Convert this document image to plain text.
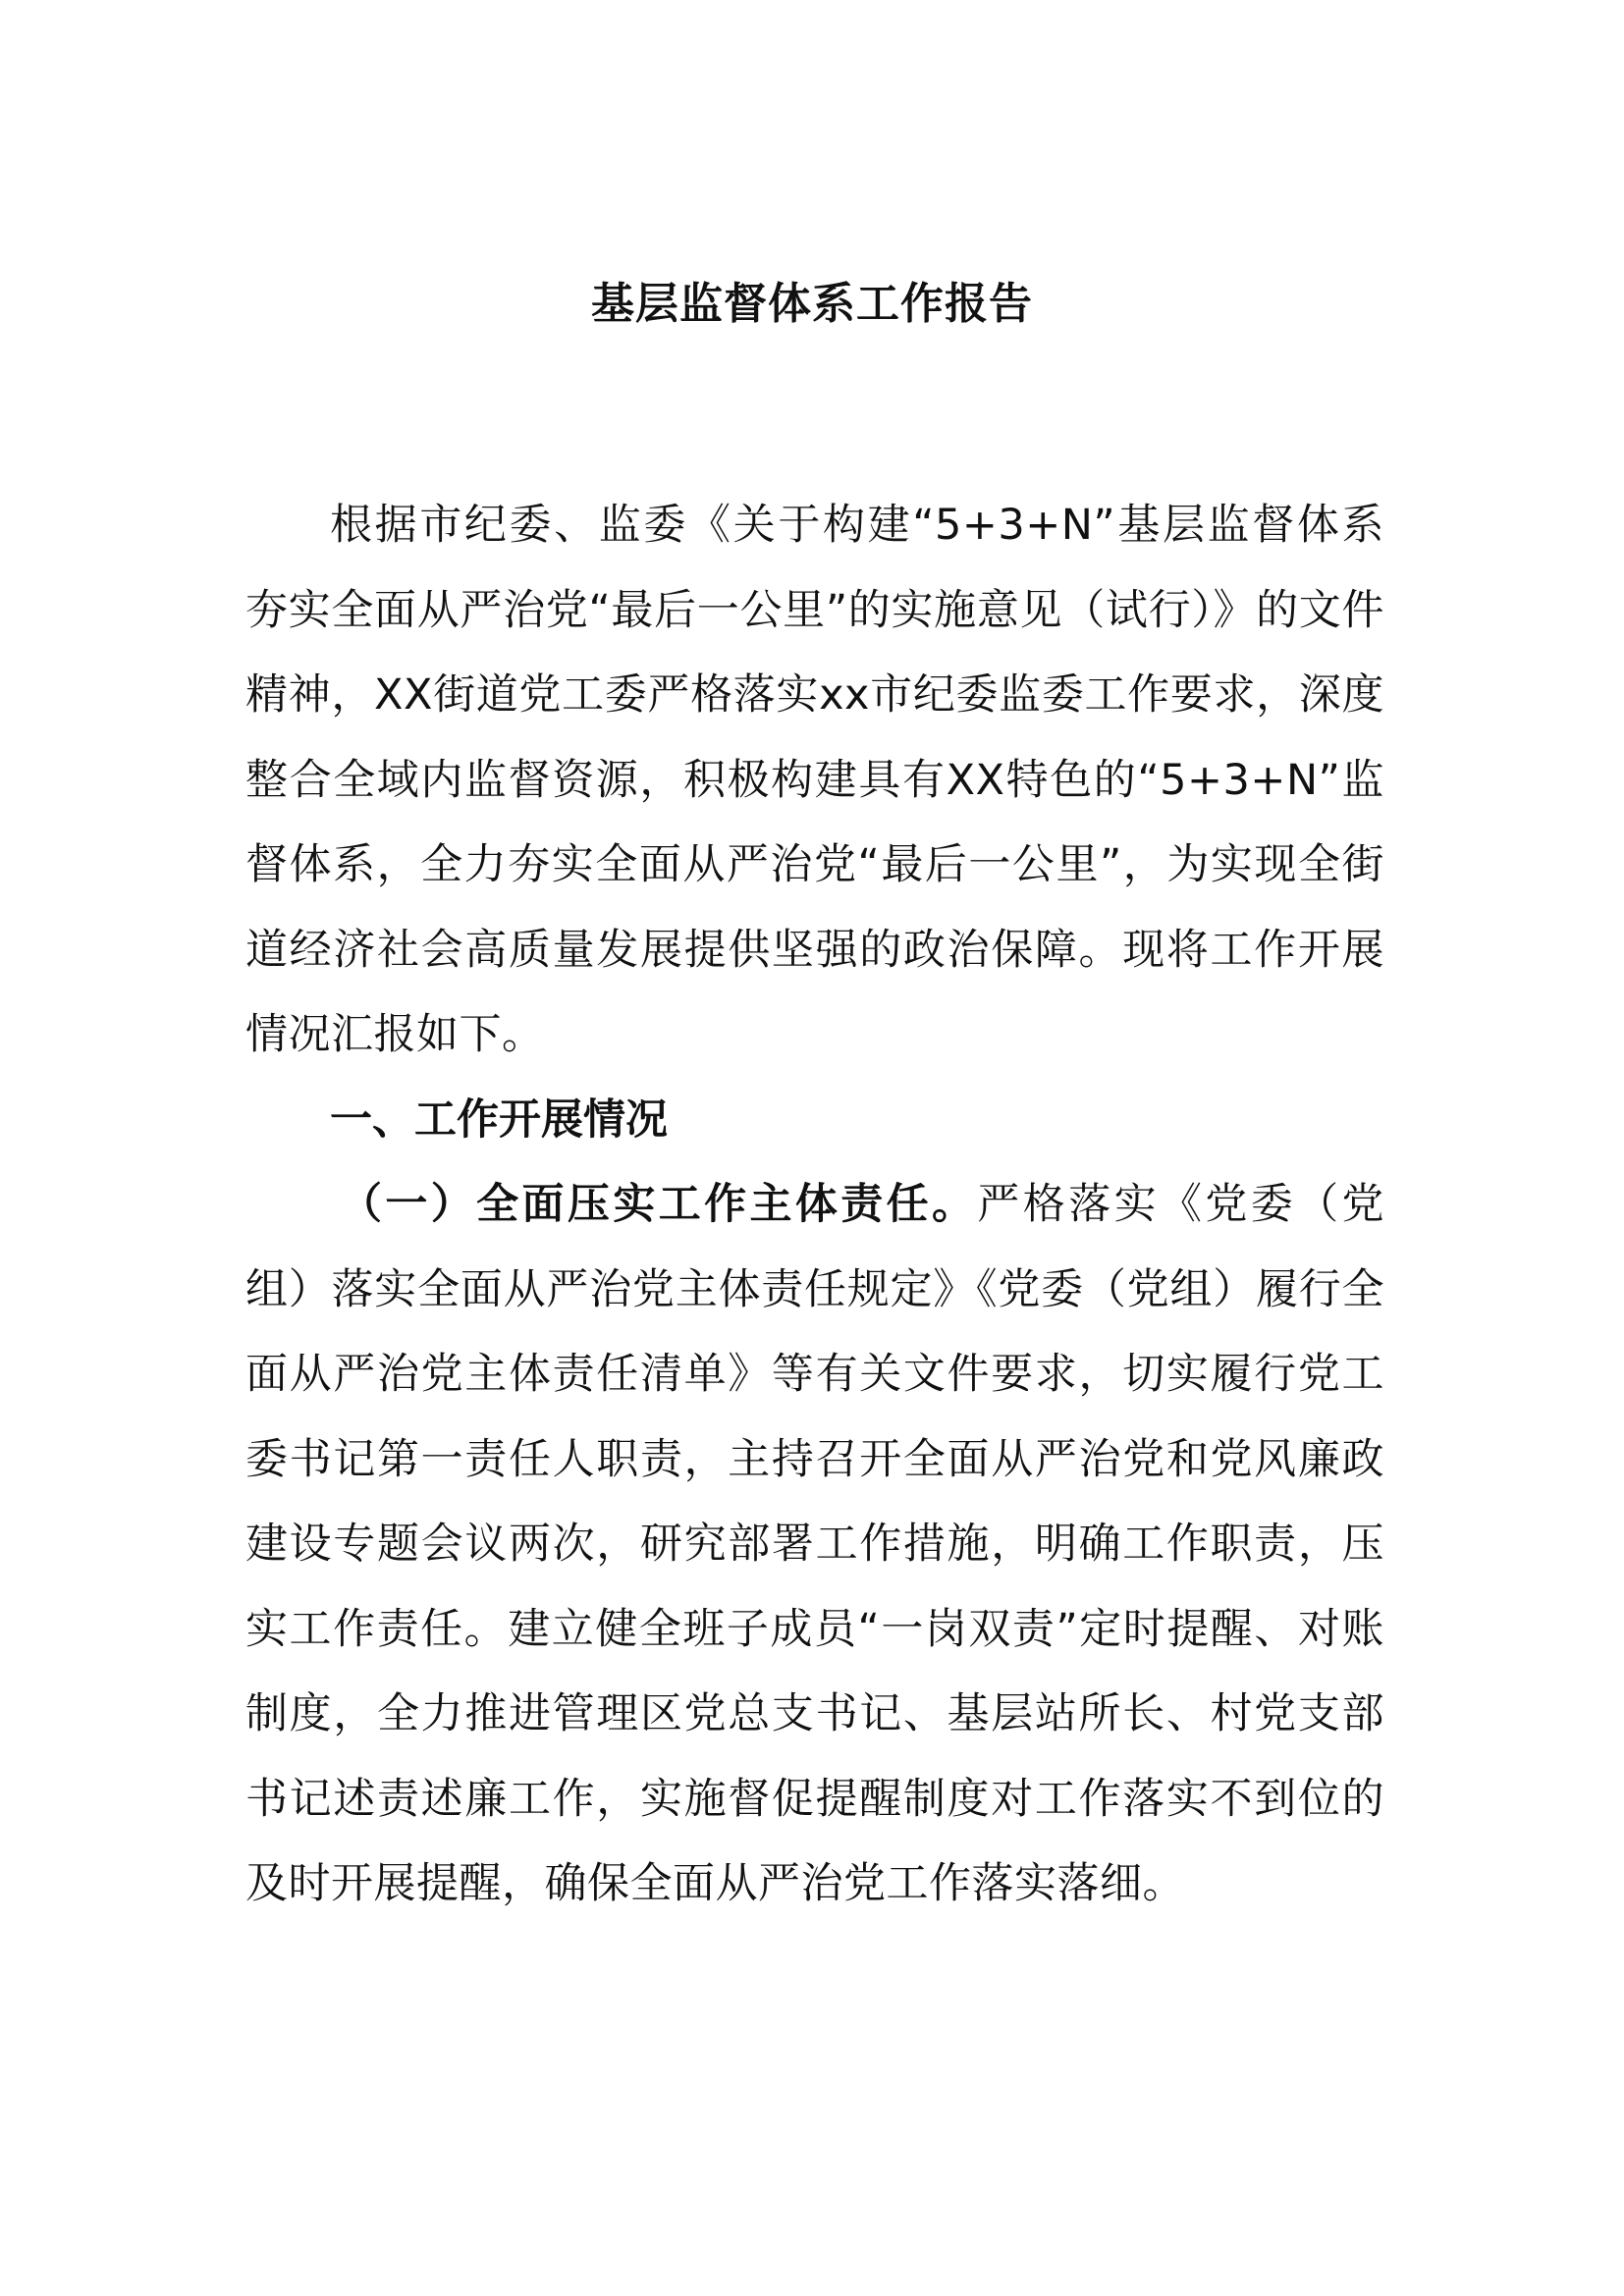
基层监督体系工作报告

根据市纪委、监委《关于构建“5+3+N”基层监督体系夯实全面从严治党“最后一公里”的实施意见（试行）》的文件精神，XX街道党工委严格落实xx市纪委监委工作要求，深度整合全域内监督资源，积极构建具有XX特色的“5+3+N”监督体系，全力夯实全面从严治党“最后一公里”，为实现全街道经济社会高质量发展提供坚强的政治保障。现将工作开展情况汇报如下。

一、工作开展情况

（一）全面压实工作主体责任。严格落实《党委（党组）落实全面从严治党主体责任规定》《党委（党组）履行全面从严治党主体责任清单》等有关文件要求，切实履行党工委书记第一责任人职责，主持召开全面从严治党和党风廉政建设专题会议两次，研究部署工作措施，明确工作职责，压实工作责任。建立健全班子成员“一岗双责”定时提醒、对账制度，全力推进管理区党总支书记、基层站所长、村党支部书记述责述廉工作，实施督促提醒制度对工作落实不到位的及时开展提醒，确保全面从严治党工作落实落细。
